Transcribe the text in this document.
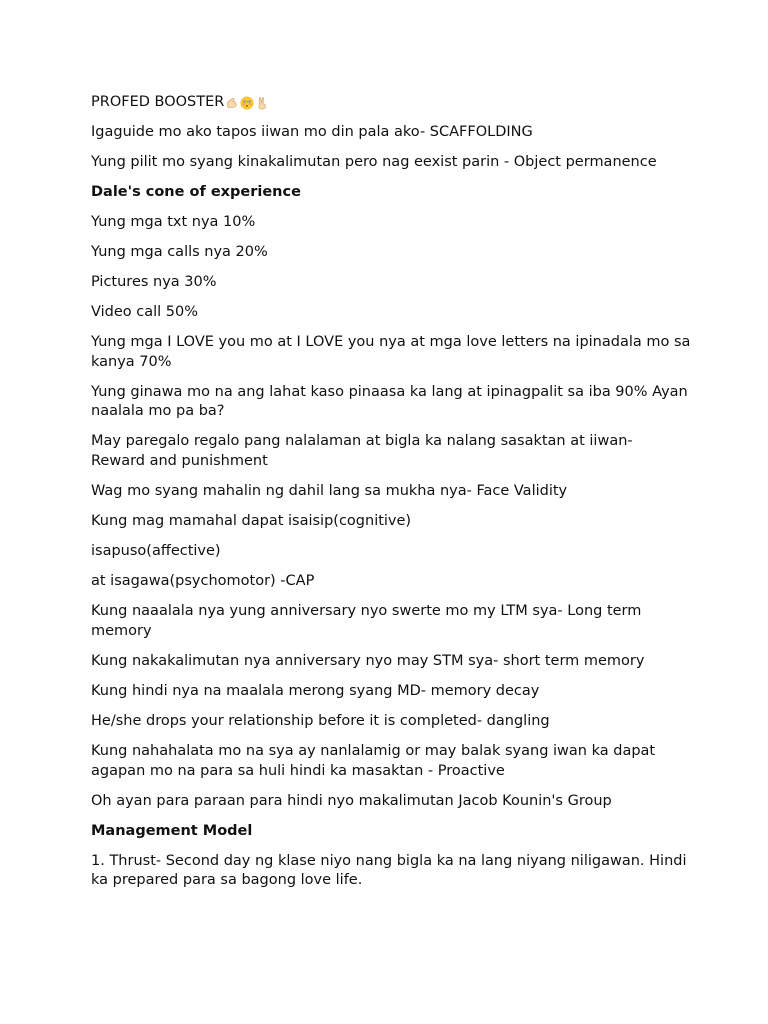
PROFED BOOSTER

Igaguide mo ako tapos iiwan mo din pala ako- SCAFFOLDING

Yung pilit mo syang kinakalimutan pero nag eexist parin - Object permanence

Dale's cone of experience

Yung mga txt nya 10%

Yung mga calls nya 20%

Pictures nya 30%

Video call 50%

Yung mga I LOVE you mo at I LOVE you nya at mga love letters na ipinadala mo sa kanya 70%

Yung ginawa mo na ang lahat kaso pinaasa ka lang at ipinagpalit sa iba 90% Ayan naalala mo pa ba?

May paregalo regalo pang nalalaman at bigla ka nalang sasaktan at iiwan- Reward and punishment

Wag mo syang mahalin ng dahil lang sa mukha nya- Face Validity

Kung mag mamahal dapat isaisip(cognitive)

isapuso(affective)

at isagawa(psychomotor) -CAP

Kung naaalala nya yung anniversary nyo swerte mo my LTM sya- Long term memory

Kung nakakalimutan nya anniversary nyo may STM sya- short term memory

Kung hindi nya na maalala merong syang MD- memory decay

He/she drops your relationship before it is completed- dangling

Kung nahahalata mo na sya ay nanlalamig or may balak syang iwan ka dapat agapan mo na para sa huli hindi ka masaktan - Proactive

Oh ayan para paraan para hindi nyo makalimutan Jacob Kounin's Group

Management Model

1. Thrust- Second day ng klase niyo nang bigla ka na lang niyang niligawan. Hindi ka prepared para sa bagong love life.
